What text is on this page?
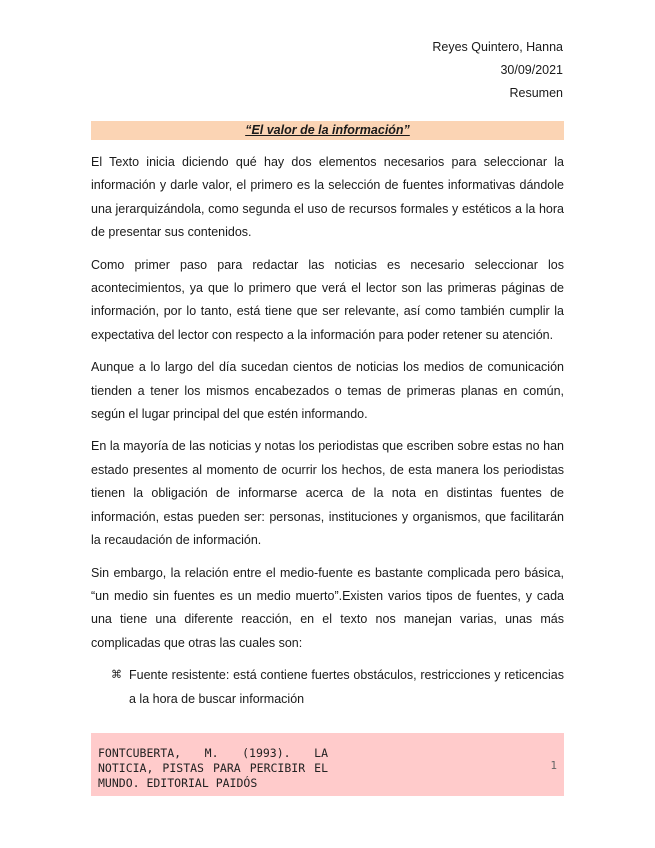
Reyes Quintero, Hanna
30/09/2021
Resumen
“El valor de la información”

El Texto inicia diciendo qué hay dos elementos necesarios para seleccionar la información y darle valor, el primero es la selección de fuentes informativas dándole una jerarquizándola, como segunda el uso de recursos formales y estéticos a la hora de presentar sus contenidos.

Como primer paso para redactar las noticias es necesario seleccionar los acontecimientos, ya que lo primero que verá el lector son las primeras páginas de información, por lo tanto, está tiene que ser relevante, así como también cumplir la expectativa del lector con respecto a la información para poder retener su atención.

Aunque a lo largo del día sucedan cientos de noticias los medios de comunicación tienden a tener los mismos encabezados o temas de primeras planas en común, según el lugar principal del que estén informando.

En la mayoría de las noticias y notas los periodistas que escriben sobre estas no han estado presentes al momento de ocurrir los hechos, de esta manera los periodistas tienen la obligación de informarse acerca de la nota en distintas fuentes de información, estas pueden ser: personas, instituciones y organismos, que facilitarán la recaudación de información.

Sin embargo, la relación entre el medio-fuente es bastante complicada pero básica, “un medio sin fuentes es un medio muerto”.Existen varios tipos de fuentes, y cada una tiene una diferente reacción, en el texto nos manejan varias, unas más complicadas que otras las cuales son:

⌘ Fuente resistente: está contiene fuertes obstáculos, restricciones y reticencias a la hora de buscar información
FONTCUBERTA, M. (1993). LA NOTICIA, PISTAS PARA PERCIBIR EL MUNDO. EDITORIAL PAIDÓS
1
